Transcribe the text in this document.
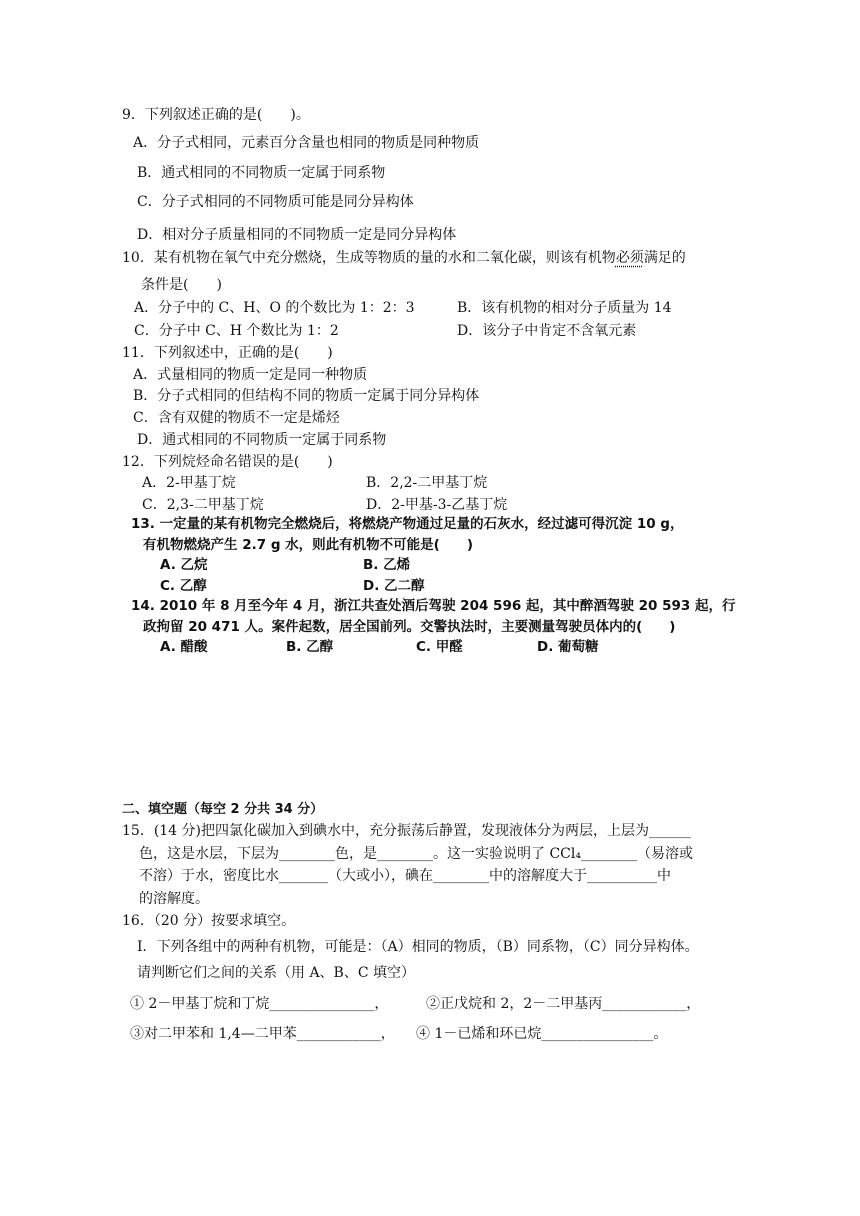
9．下列叙述正确的是(　　)。
A．分子式相同，元素百分含量也相同的物质是同种物质
B．通式相同的不同物质一定属于同系物
C．分子式相同的不同物质可能是同分异构体
D．相对分子质量相同的不同物质一定是同分异构体
10．某有机物在氧气中充分燃烧，生成等物质的量的水和二氧化碳，则该有机物必须满足的
条件是(　　)
A．分子中的 C、H、O 的个数比为 1：2：3	B．该有机物的相对分子质量为 14
C．分子中 C、H 个数比为 1：2	D．该分子中肯定不含氧元素
11．下列叙述中，正确的是(　　)
A．式量相同的物质一定是同一种物质
B．分子式相同的但结构不同的物质一定属于同分异构体
C．含有双健的物质不一定是烯烃
D．通式相同的不同物质一定属于同系物
12．下列烷烃命名错误的是(　　)
A．2-甲基丁烷	B．2,2-二甲基丁烷
C．2,3-二甲基丁烷	D．2-甲基-3-乙基丁烷
13. 一定量的某有机物完全燃烧后，将燃烧产物通过足量的石灰水，经过滤可得沉淀 10 g，
有机物燃烧产生 2.7 g 水，则此有机物不可能是(　　)
A. 乙烷	B. 乙烯
C. 乙醇	D. 乙二醇
14. 2010 年 8 月至今年 4 月，浙江共查处酒后驾驶 204 596 起，其中醉酒驾驶 20 593 起，行
政拘留 20 471 人。案件起数，居全国前列。交警执法时，主要测量驾驶员体内的(　　)
A. 醋酸	B. 乙醇	C. 甲醛	D. 葡萄糖
二、填空题（每空 2 分共 34 分）
15．(14 分)把四氯化碳加入到碘水中，充分振荡后静置，发现液体分为两层，上层为______
色，这是水层，下层为________色，是________。这一实验说明了 CCl₄________（易溶或
不溶）于水，密度比水_______（大或小），碘在________中的溶解度大于__________中
的溶解度。
16．（20 分）按要求填空。
I．下列各组中的两种有机物，可能是：（A）相同的物质，（B）同系物，（C）同分异构体。
请判断它们之间的关系（用 A、B、C 填空）
① 2－甲基丁烷和丁烷_______________，	②正戊烷和 2，2－二甲基丙____________，
③对二甲苯和 1,4—二甲苯____________， ④ 1－已烯和环已烷________________。
